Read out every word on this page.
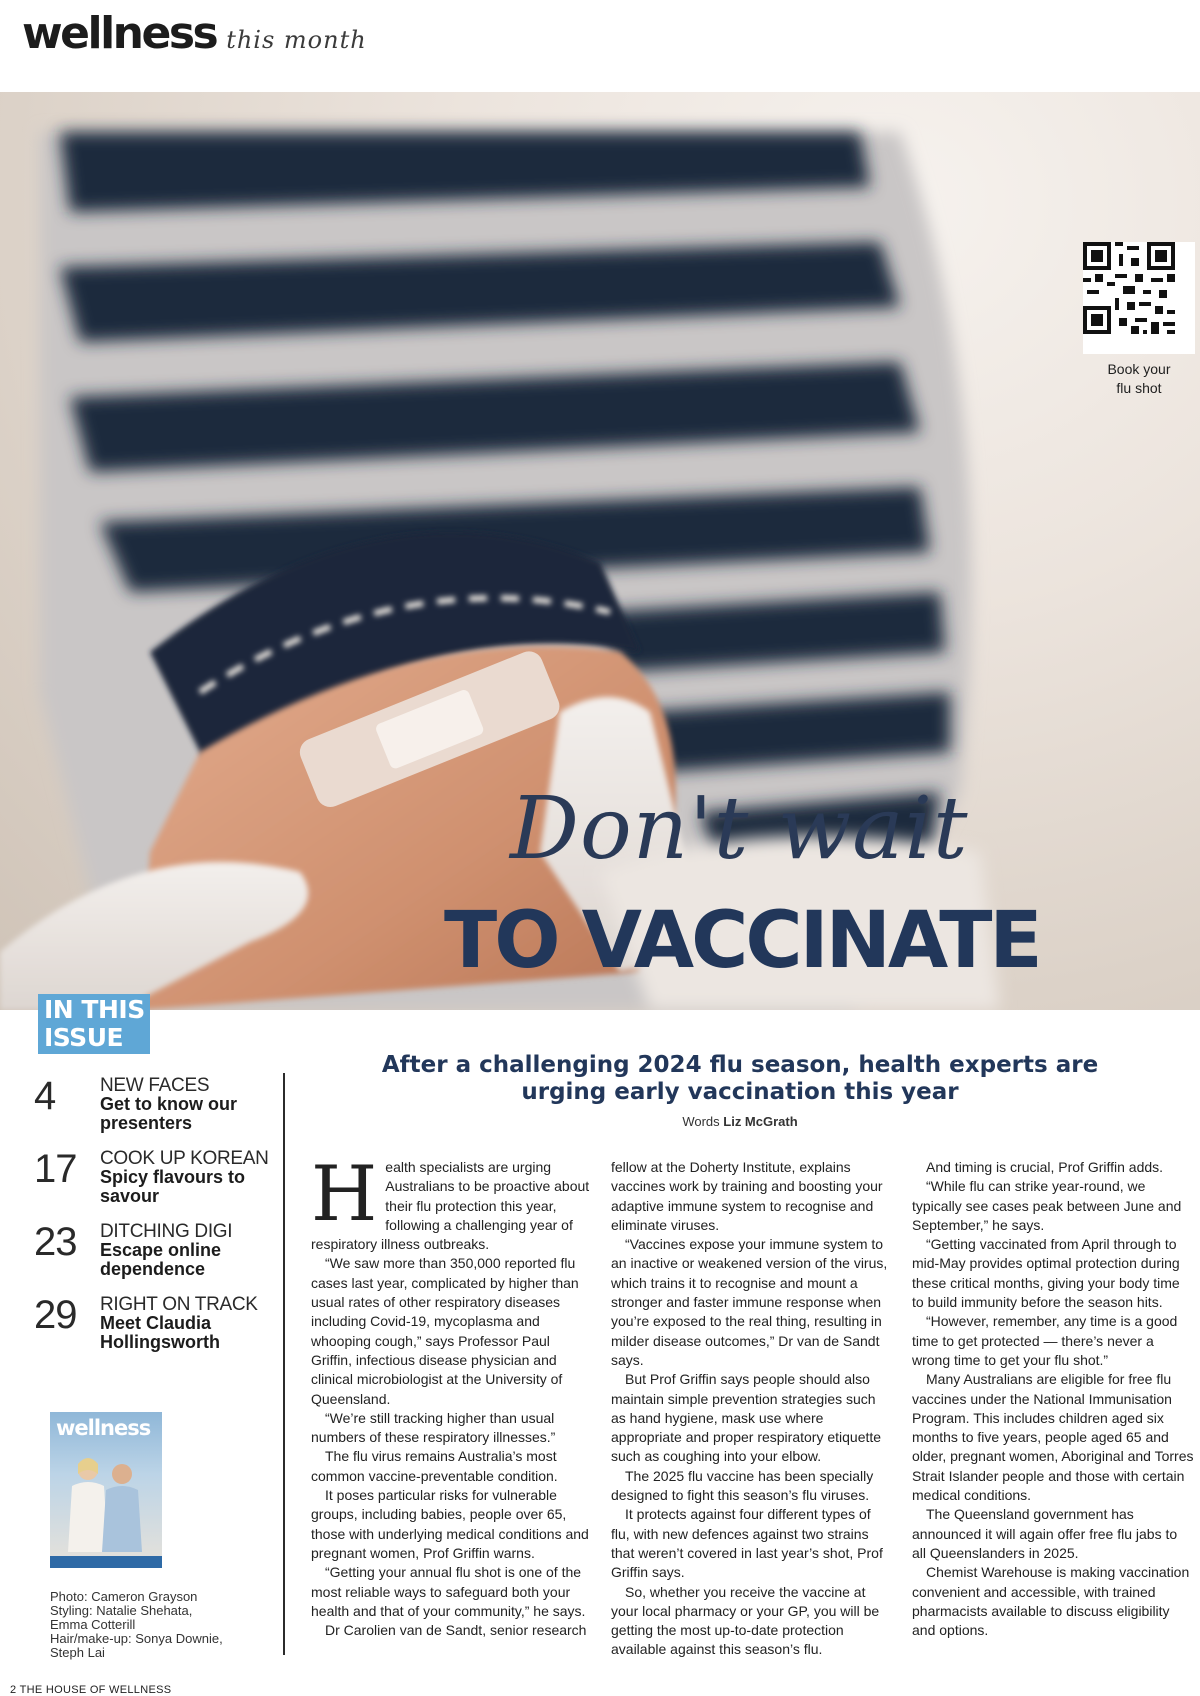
wellness this month
Book your
flu shot
Don't wait
TO VACCINATE
IN THIS
ISSUE
4	NEW FACES
Get to know our presenters
17	COOK UP KOREAN
Spicy flavours to savour
23	DITCHING DIGI
Escape online dependence
29	RIGHT ON TRACK
Meet Claudia Hollingsworth
wellness
Photo: Cameron Grayson
Styling: Natalie Shehata,
Emma Cotterill
Hair/make-up: Sonya Downie,
Steph Lai
After a challenging 2024 flu season, health experts are urging early vaccination this year
Words Liz McGrath

Health specialists are urging Australians to be proactive about their flu protection this year, following a challenging year of respiratory illness outbreaks.

“We saw more than 350,000 reported flu cases last year, complicated by higher than usual rates of other respiratory diseases including Covid-19, mycoplasma and whooping cough,” says Professor Paul Griffin, infectious disease physician and clinical microbiologist at the University of Queensland.

“We’re still tracking higher than usual numbers of these respiratory illnesses.”

The flu virus remains Australia’s most common vaccine-preventable condition.

It poses particular risks for vulnerable groups, including babies, people over 65, those with underlying medical conditions and pregnant women, Prof Griffin warns.

“Getting your annual flu shot is one of the most reliable ways to safeguard both your health and that of your community,” he says.

Dr Carolien van de Sandt, senior research

fellow at the Doherty Institute, explains vaccines work by training and boosting your adaptive immune system to recognise and eliminate viruses.

“Vaccines expose your immune system to an inactive or weakened version of the virus, which trains it to recognise and mount a stronger and faster immune response when you’re exposed to the real thing, resulting in milder disease outcomes,” Dr van de Sandt says.

But Prof Griffin says people should also maintain simple prevention strategies such as hand hygiene, mask use where appropriate and proper respiratory etiquette such as coughing into your elbow.

The 2025 flu vaccine has been specially designed to fight this season’s flu viruses.

It protects against four different types of flu, with new defences against two strains that weren’t covered in last year’s shot, Prof Griffin says.

So, whether you receive the vaccine at your local pharmacy or your GP, you will be getting the most up-to-date protection available against this season’s flu.

And timing is crucial, Prof Griffin adds.

“While flu can strike year-round, we typically see cases peak between June and September,” he says.

“Getting vaccinated from April through to mid-May provides optimal protection during these critical months, giving your body time to build immunity before the season hits.

“However, remember, any time is a good time to get protected — there’s never a wrong time to get your flu shot.”

Many Australians are eligible for free flu vaccines under the National Immunisation Program. This includes children aged six months to five years, people aged 65 and older, pregnant women, Aboriginal and Torres Strait Islander people and those with certain medical conditions.

The Queensland government has announced it will again offer free flu jabs to all Queenslanders in 2025.

Chemist Warehouse is making vaccination convenient and accessible, with trained pharmacists available to discuss eligibility and options.

2 THE HOUSE OF WELLNESS
